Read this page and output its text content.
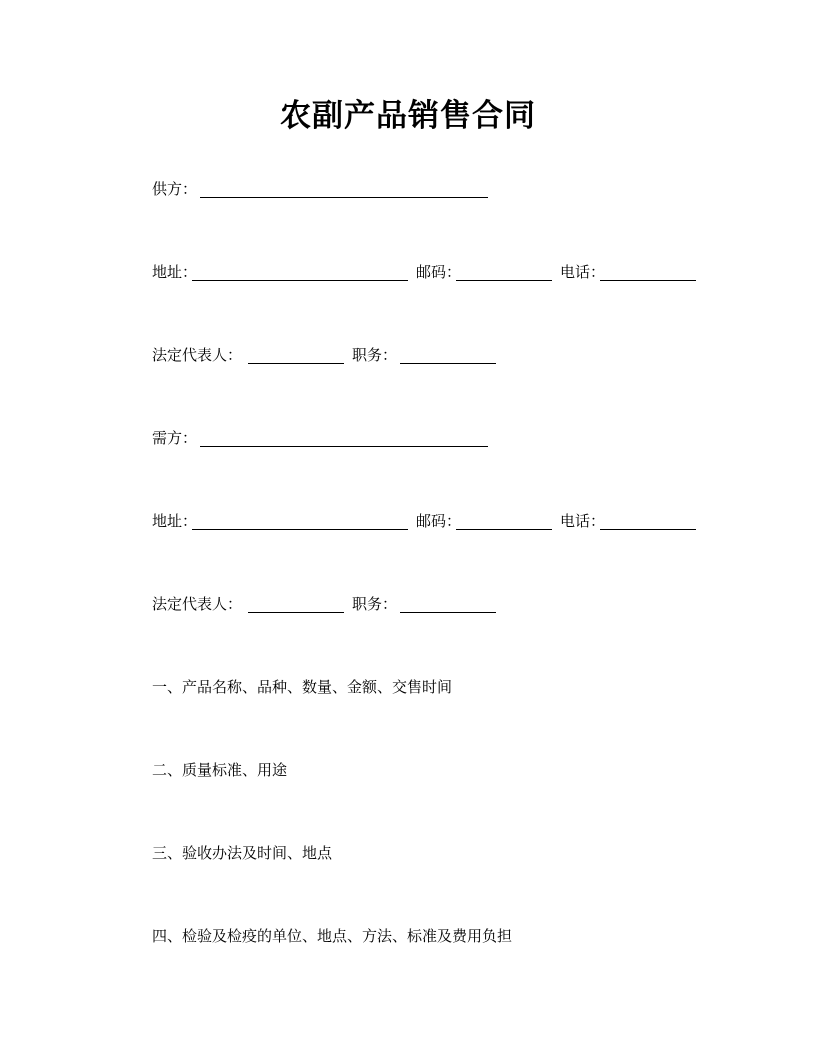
农副产品销售合同
供方：
地址：	邮码：	电话：
法定代表人：	职务：
需方：
地址：	邮码：	电话：
法定代表人：	职务：
一、产品名称、品种、数量、金额、交售时间
二、质量标准、用途
三、验收办法及时间、地点
四、检验及检疫的单位、地点、方法、标准及费用负担
